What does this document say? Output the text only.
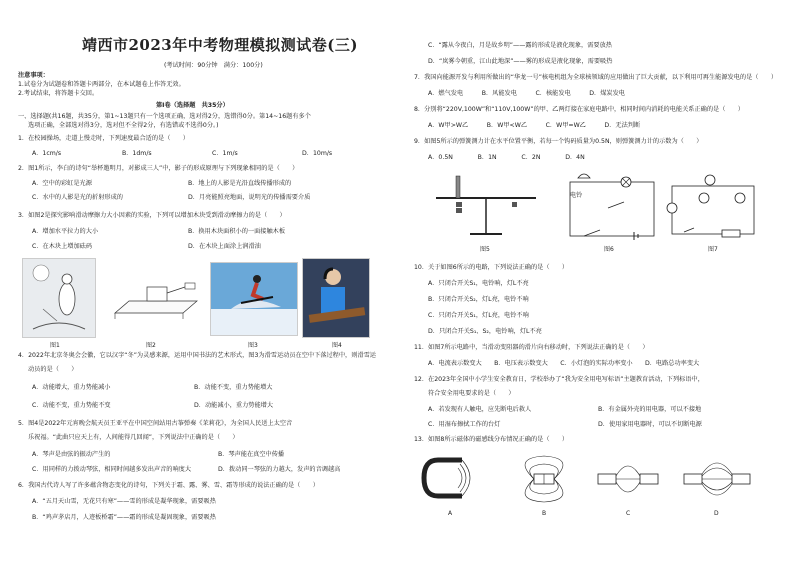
靖西市2023年中考物理模拟测试卷(三)
(考试时间：90分钟　满分：100分)
注意事项：
1.试卷分为试题卷和答题卡两部分，在本试题卷上作答无效。
2.考试结束，将答题卡交回。
第Ⅰ卷（选择题　共35分）
一、选择题(共16题，共35分，第1~13题只有一个选项正确，选对得2分，选错得0分。第14~16题有多个
选项正确，全部选对得3分，选对但不全得2分，有选错或不选得0分。)
1．在校园操场，走道上慢走时，下列速度最合适的是（　　）
A．1cm/s	B．1dm/s	C．1m/s	D．10m/s
2．图1所示，李白的诗句“举杯邀明月，对影成三人”中，影子的形成原理与下列现象相同的是（　　）
A．空中的彩虹是光源	B．地上的人影是光沿直线传播形成的
C．水中的人影是光的折射形成的	D．月亮能照亮地面，说明光的传播需要介质
3．如图2是探究影响滑动摩擦力大小因素的实验，下列可以增加木块受到滑动摩擦力的是（　　）
A．增加水平拉力的大小	B．换用木块面积小的一面接触木板
C．在木块上增加砝码	D．在木块上面涂上润滑油
图1	图2	图3	图4
4．2022年北京冬奥会会徽，它以汉字“冬”为灵感来源，运用中国书法的艺术形式，图3为滑雪运动员在空中下落过程中，则滑雪运
动员的是（　　）
A．动能增大，重力势能减小	B．动能不变，重力势能增大
C．动能不变，重力势能不变	D．动能减小，重力势能增大
5．图4是2022年元宵晚会航天员王亚平在中国空间站用古筝弹奏《茉莉花》，为全国人民送上太空音
乐祝福。“此曲只应天上有，人间能得几回闻”，下列说法中正确的是（　　）
A．琴声是由弦的振动产生的	B．琴声能在真空中传播
C．用同样的力拨动琴弦，相同时间越多发出声音的响度大	D．拨动同一琴弦的力越大，发声的音调越高
6．我国古代诗人写了许多蕴含物态变化的诗句，下列关于霜、露、雾、雪、霜等形成的说法正确的是（　　）
A．“五月天山雪，无花只有寒”——雪的形成是凝华现象，需要吸热
B．“鸡声茅店月，人迹板桥霜”——霜的形成是凝固现象，需要吸热
C．“露从今夜白，月是故乡明”——露的形成是液化现象，需要放热
D．“岚雾今朝重，江山此地深”——雾的形成是液化现象，需要吸热
7．我国向能源开发与利用所做出的“华龙一号”核电机组为全球核领域的应用做出了巨大贡献，以下利用可再生能源发电的是（　　）
A．燃气发电　　　B．风能发电　　　C．核能发电　　　D．煤炭发电
8．分别将“220V,100W”和“110V,100W”的甲、乙两灯接在家庭电路中，相同时间内消耗的电能关系正确的是（　　）
A．W甲>W乙　　　B．W甲<W乙　　　C．W甲=W乙　　　D．无法判断
9．如图5所示的弹簧测力计在水平位置平衡，若每一个钩码质量为0.5N，则弹簧测力计的示数为（　　）
A．0.5N　　　　B．1N　　　　C．2N　　　　D．4N
图5
电铃
图6	图7
10．关于如图6所示的电路，下列说法正确的是（　　）
A．只闭合开关S₁，电铃响，灯L不亮
B．只闭合开关S₂，灯L亮，电铃不响
C．只闭合开关S₁，灯L亮，电铃不响
D．只闭合开关S₁、S₂，电铃响，灯L不亮
11．如图7所示电路中，当滑动变阻器的滑片向右移动时，下列说法正确的是（　　）
A．电流表示数变大　　B．电压表示数变大　　C．小灯泡的实际功率变小　　D．电路总功率变大
12．在2023年全国中小学生安全教育日，学校举办了“我为安全用电写标语”主题教育活动，下列标语中，
符合安全用电要求的是（　　）
A．若发现有人触电，应先断电后救人	B．有金属外壳的用电器，可以不接地
C．用湿布擦拭工作的台灯	D．使用家用电器时，可以不切断电源
13．如图8所示磁体的磁感线分布情况正确的是（　　）
A	B	C	D
